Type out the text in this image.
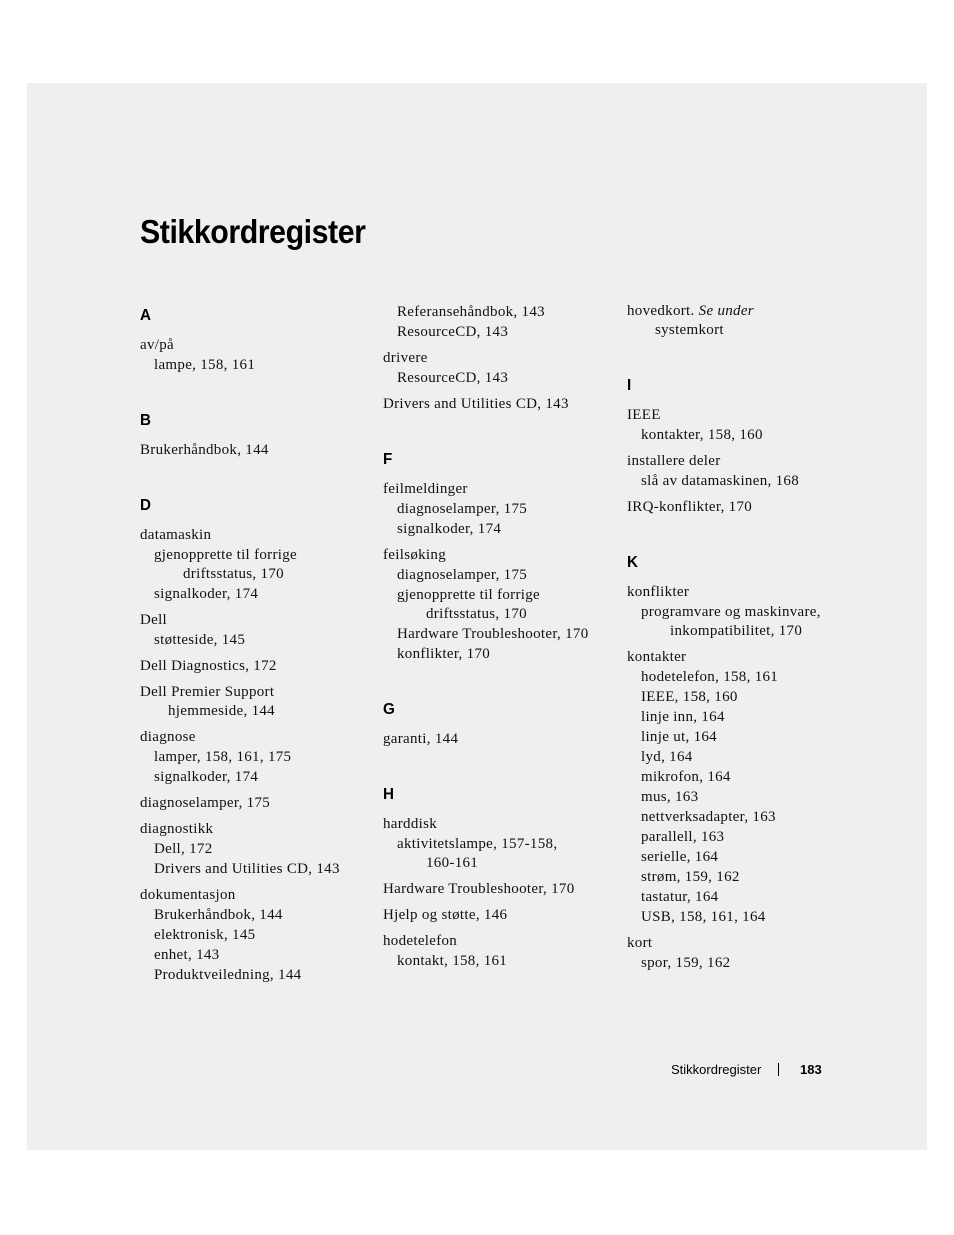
Stikkordregister
A
av/på
lampe, 158, 161
B
Brukerhåndbok, 144
D
datamaskin
gjenopprette til forrige
driftsstatus, 170
signalkoder, 174
Dell
støtteside, 145
Dell Diagnostics, 172
Dell Premier Support
hjemmeside, 144
diagnose
lamper, 158, 161, 175
signalkoder, 174
diagnoselamper, 175
diagnostikk
Dell, 172
Drivers and Utilities CD, 143
dokumentasjon
Brukerhåndbok, 144
elektronisk, 145
enhet, 143
Produktveiledning, 144
Referansehåndbok, 143
ResourceCD, 143
drivere
ResourceCD, 143
Drivers and Utilities CD, 143
F
feilmeldinger
diagnoselamper, 175
signalkoder, 174
feilsøking
diagnoselamper, 175
gjenopprette til forrige
driftsstatus, 170
Hardware Troubleshooter, 170
konflikter, 170
G
garanti, 144
H
harddisk
aktivitetslampe, 157-158,
160-161
Hardware Troubleshooter, 170
Hjelp og støtte, 146
hodetelefon
kontakt, 158, 161
hovedkort. Se under
systemkort
I
IEEE
kontakter, 158, 160
installere deler
slå av datamaskinen, 168
IRQ-konflikter, 170
K
konflikter
programvare og maskinvare,
inkompatibilitet, 170
kontakter
hodetelefon, 158, 161
IEEE, 158, 160
linje inn, 164
linje ut, 164
lyd, 164
mikrofon, 164
mus, 163
nettverksadapter, 163
parallell, 163
serielle, 164
strøm, 159, 162
tastatur, 164
USB, 158, 161, 164
kort
spor, 159, 162
Stikkordregister	183
